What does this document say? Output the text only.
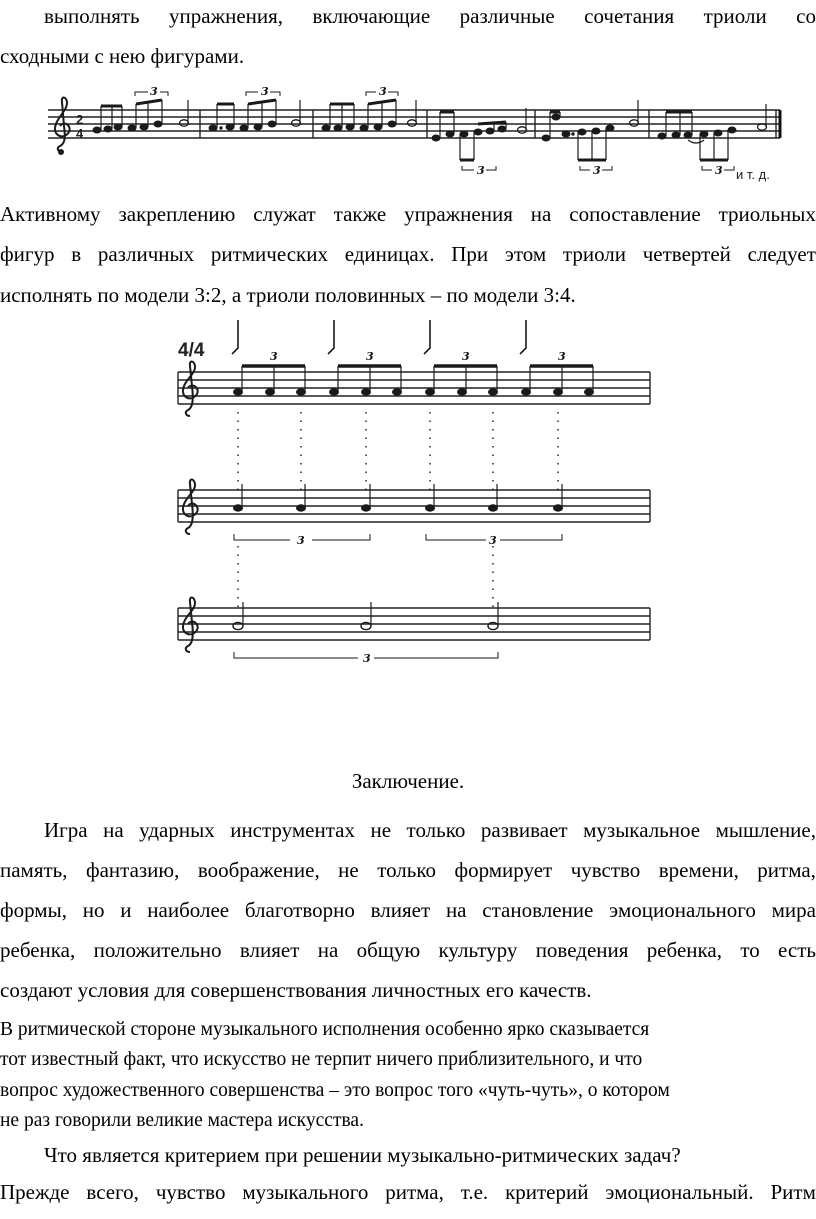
выполнять упражнения, включающие различные сочетания триоли со
сходными с нею фигурами.
2
4
3	3	3
3	3	3 и т. д.
Активному закреплению служат также упражнения на сопоставление триольных
фигур в различных ритмических единицах. При этом триоли четвертей следует
исполнять по модели 3:2, а триоли половинных – по модели 3:4.
4/4	3	3	3	3
3	3
3
Заключение.
Игра на ударных инструментах не только развивает музыкальное мышление,
память, фантазию, воображение, не только формирует чувство времени, ритма,
формы, но и наиболее благотворно влияет на становление эмоционального мира
ребенка, положительно влияет на общую культуру поведения ребенка, то есть
создают условия для совершенствования личностных его качеств.
В ритмической стороне музыкального исполнения особенно ярко сказывается
тот известный факт, что искусство не терпит ничего приблизительного, и что
вопрос художественного совершенства – это вопрос того «чуть-чуть», о котором
не раз говорили великие мастера искусства.
Что является критерием при решении музыкально-ритмических задач?
Прежде всего, чувство музыкального ритма, т.е. критерий эмоциональный. Ритм
